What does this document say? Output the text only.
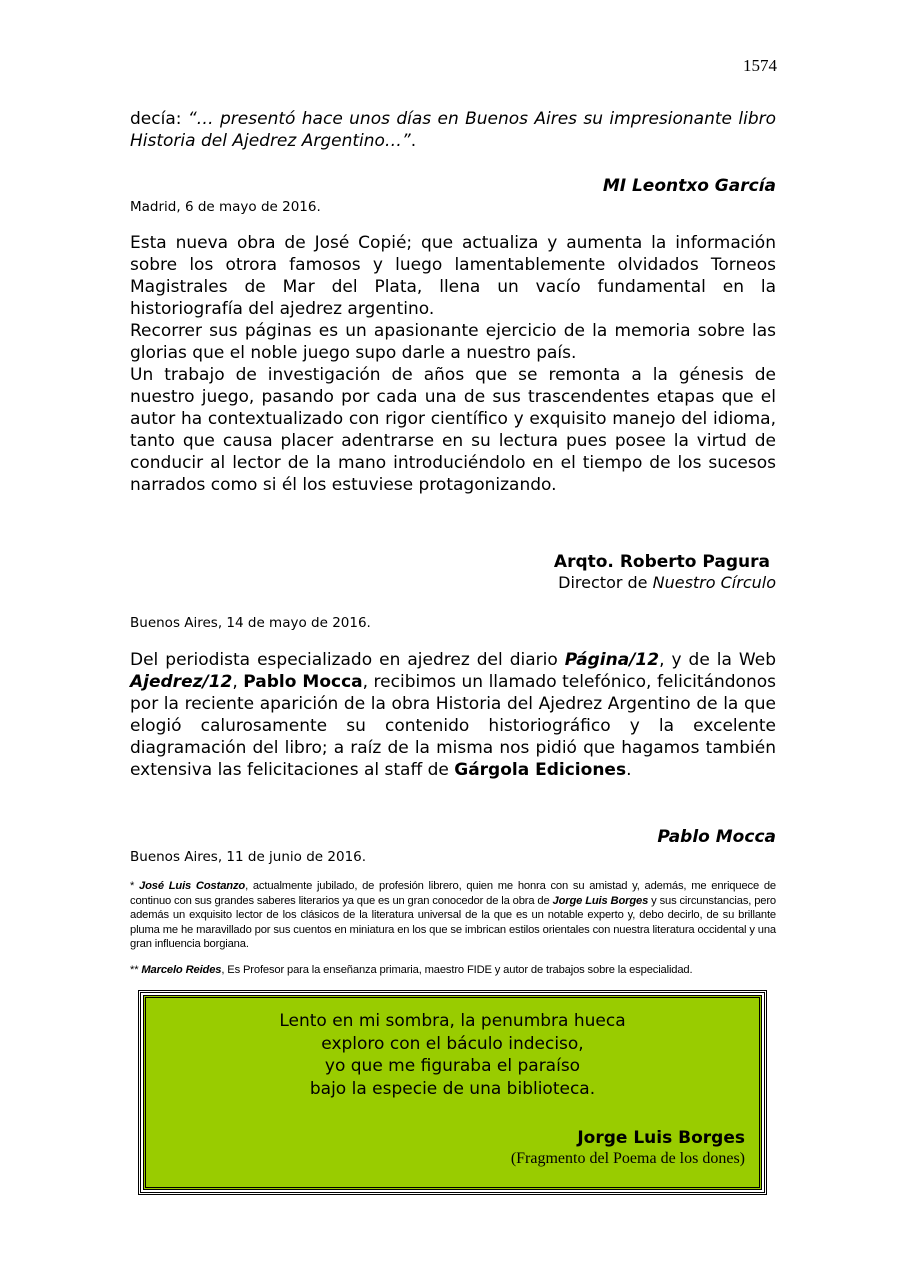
1574
decía: “… presentó hace unos días en Buenos Aires su impresionante libro Historia del Ajedrez Argentino…”.
MI Leontxo García
Madrid, 6 de mayo de 2016.
Esta nueva obra de José Copié; que actualiza y aumenta la información sobre los otrora famosos y luego lamentablemente olvidados Torneos Magistrales de Mar del Plata, llena un vacío fundamental en la historiografía del ajedrez argentino.
Recorrer sus páginas es un apasionante ejercicio de la memoria sobre las glorias que el noble juego supo darle a nuestro país.
Un trabajo de investigación de años que se remonta a la génesis de nuestro juego, pasando por cada una de sus trascendentes etapas que el autor ha contextualizado con rigor científico y exquisito manejo del idioma, tanto que causa placer adentrarse en su lectura pues posee la virtud de conducir al lector de la mano introduciéndolo en el tiempo de los sucesos narrados como si él los estuviese protagonizando.
Arqto. Roberto Pagura
Director de Nuestro Círculo
Buenos Aires, 14 de mayo de 2016.
Del periodista especializado en ajedrez del diario Página/12, y de la Web Ajedrez/12, Pablo Mocca, recibimos un llamado telefónico, felicitándonos por la reciente aparición de la obra Historia del Ajedrez Argentino de la que elogió calurosamente su contenido historiográfico y la excelente diagramación del libro; a raíz de la misma nos pidió que hagamos también extensiva las felicitaciones al staff de Gárgola Ediciones.
Pablo Mocca
Buenos Aires, 11 de junio de 2016.
* José Luis Costanzo, actualmente jubilado, de profesión librero, quien me honra con su amistad y, además, me enriquece de continuo con sus grandes saberes literarios ya que es un gran conocedor de la obra de Jorge Luis Borges y sus circunstancias, pero además un exquisito lector de los clásicos de la literatura universal de la que es un notable experto y, debo decirlo, de su brillante pluma me he maravillado por sus cuentos en miniatura en los que se imbrican estilos orientales con nuestra literatura occidental y una gran influencia borgiana.
** Marcelo Reides, Es Profesor para la enseñanza primaria, maestro FIDE y autor de trabajos sobre la especialidad.
Lento en mi sombra, la penumbra hueca
exploro con el báculo indeciso,
yo que me figuraba el paraíso
bajo la especie de una biblioteca.
Jorge Luis Borges
(Fragmento del Poema de los dones)
